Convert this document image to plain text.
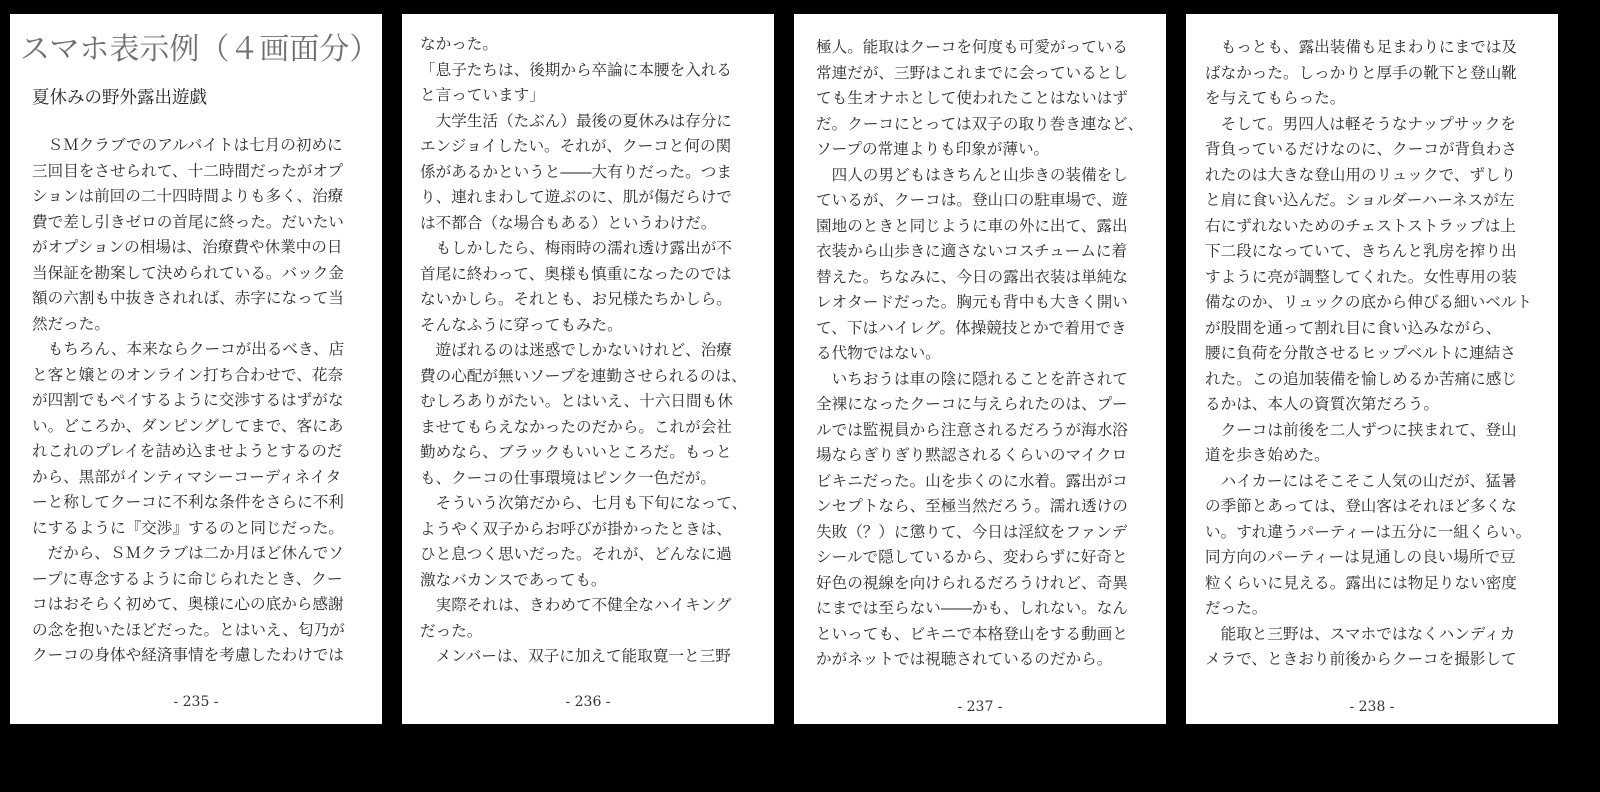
スマホ表示例（４画面分）
夏休みの野外露出遊戯
　ＳＭクラブでのアルバイトは七月の初めに
三回目をさせられて、十二時間だったがオプ
ションは前回の二十四時間よりも多く、治療
費で差し引きゼロの首尾に終った。だいたい
がオプションの相場は、治療費や休業中の日
当保証を勘案して決められている。バック金
額の六割も中抜きされれば、赤字になって当
然だった。
　もちろん、本来ならクーコが出るべき、店
と客と嬢とのオンライン打ち合わせで、花奈
が四割でもペイするように交渉するはずがな
い。どころか、ダンピングしてまで、客にあ
れこれのプレイを詰め込ませようとするのだ
から、黒部がインティマシーコーディネイタ
ーと称してクーコに不利な条件をさらに不利
にするように『交渉』するのと同じだった。
　だから、ＳＭクラブは二か月ほど休んでソ
ープに専念するように命じられたとき、クー
コはおそらく初めて、奥様に心の底から感謝
の念を抱いたほどだった。とはいえ、匂乃が
クーコの身体や経済事情を考慮したわけでは
- 235 -
なかった。
「息子たちは、後期から卒論に本腰を入れる
と言っています」
　大学生活（たぶん）最後の夏休みは存分に
エンジョイしたい。それが、クーコと何の関
係があるかというと――大有りだった。つま
り、連れまわして遊ぶのに、肌が傷だらけで
は不都合（な場合もある）というわけだ。
　もしかしたら、梅雨時の濡れ透け露出が不
首尾に終わって、奥様も慎重になったのでは
ないかしら。それとも、お兄様たちかしら。
そんなふうに穿ってもみた。
　遊ばれるのは迷惑でしかないけれど、治療
費の心配が無いソープを連勤させられるのは、
むしろありがたい。とはいえ、十六日間も休
ませてもらえなかったのだから。これが会社
勤めなら、ブラックもいいところだ。もっと
も、クーコの仕事環境はピンク一色だが。
　そういう次第だから、七月も下旬になって、
ようやく双子からお呼びが掛かったときは、
ひと息つく思いだった。それが、どんなに過
激なバカンスであっても。
　実際それは、きわめて不健全なハイキング
だった。
　メンバーは、双子に加えて能取寛一と三野
- 236 -
極人。能取はクーコを何度も可愛がっている
常連だが、三野はこれまでに会っているとし
ても生オナホとして使われたことはないはず
だ。クーコにとっては双子の取り巻き連など、
ソープの常連よりも印象が薄い。
　四人の男どもはきちんと山歩きの装備をし
ているが、クーコは。登山口の駐車場で、遊
園地のときと同じように車の外に出て、露出
衣装から山歩きに適さないコスチュームに着
替えた。ちなみに、今日の露出衣装は単純な
レオタードだった。胸元も背中も大きく開い
て、下はハイレグ。体操競技とかで着用でき
る代物ではない。
　いちおうは車の陰に隠れることを許されて
全裸になったクーコに与えられたのは、プー
ルでは監視員から注意されるだろうが海水浴
場ならぎりぎり黙認されるくらいのマイクロ
ビキニだった。山を歩くのに水着。露出がコ
ンセプトなら、至極当然だろう。濡れ透けの
失敗（？）に懲りて、今日は淫紋をファンデ
シールで隠しているから、変わらずに好奇と
好色の視線を向けられるだろうけれど、奇異
にまでは至らない――かも、しれない。なん
といっても、ビキニで本格登山をする動画と
かがネットでは視聴されているのだから。
- 237 -
　もっとも、露出装備も足まわりにまでは及
ばなかった。しっかりと厚手の靴下と登山靴
を与えてもらった。
　そして。男四人は軽そうなナップサックを
背負っているだけなのに、クーコが背負わさ
れたのは大きな登山用のリュックで、ずしり
と肩に食い込んだ。ショルダーハーネスが左
右にずれないためのチェストストラップは上
下二段になっていて、きちんと乳房を搾り出
すように亮が調整してくれた。女性専用の装
備なのか、リュックの底から伸びる細いベルト
が股間を通って割れ目に食い込みながら、
腰に負荷を分散させるヒップベルトに連結さ
れた。この追加装備を愉しめるか苦痛に感じ
るかは、本人の資質次第だろう。
　クーコは前後を二人ずつに挟まれて、登山
道を歩き始めた。
　ハイカーにはそこそこ人気の山だが、猛暑
の季節とあっては、登山客はそれほど多くな
い。すれ違うパーティーは五分に一組くらい。
同方向のパーティーは見通しの良い場所で豆
粒くらいに見える。露出には物足りない密度
だった。
　能取と三野は、スマホではなくハンディカ
メラで、ときおり前後からクーコを撮影して
- 238 -
